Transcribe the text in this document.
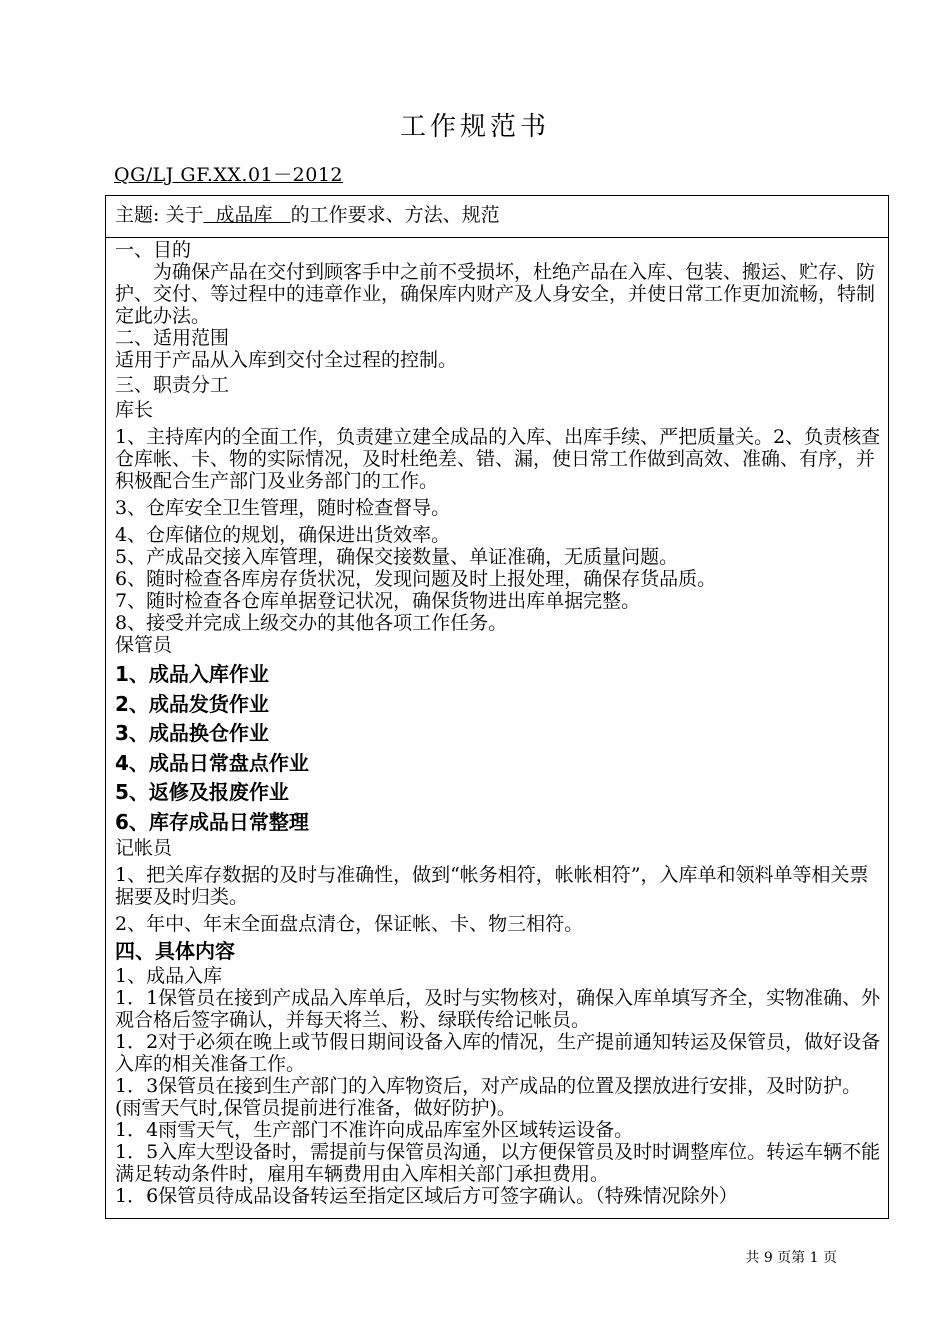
工作规范书
QG/LJ GF.XX.01－2012
主题: 关于  成品库   的工作要求、方法、规范

一、目的

为确保产品在交付到顾客手中之前不受损坏，杜绝产品在入库、包装、搬运、贮存、防护、交付、等过程中的违章作业，确保库内财产及人身安全，并使日常工作更加流畅，特制定此办法。

二、适用范围

适用于产品从入库到交付全过程的控制。

三、职责分工

库长

1、主持库内的全面工作，负责建立建全成品的入库、出库手续、严把质量关。2、负责核查仓库帐、卡、物的实际情况，及时杜绝差、错、漏，使日常工作做到高效、准确、有序，并积极配合生产部门及业务部门的工作。

3、仓库安全卫生管理，随时检查督导。

4、仓库储位的规划，确保进出货效率。

5、产成品交接入库管理，确保交接数量、单证准确，无质量问题。

6、随时检查各库房存货状况，发现问题及时上报处理，确保存货品质。

7、随时检查各仓库单据登记状况，确保货物进出库单据完整。

8、接受并完成上级交办的其他各项工作任务。

保管员

1、成品入库作业

2、成品发货作业

3、成品换仓作业

4、成品日常盘点作业

5、返修及报废作业

6、库存成品日常整理

记帐员

1、把关库存数据的及时与准确性，做到“帐务相符，帐帐相符”，入库单和领料单等相关票据要及时归类。

2、年中、年末全面盘点清仓，保证帐、卡、物三相符。

四、具体内容

1、成品入库

1．1保管员在接到产成品入库单后，及时与实物核对，确保入库单填写齐全，实物准确、外观合格后签字确认，并每天将兰、粉、绿联传给记帐员。

1．2对于必须在晚上或节假日期间设备入库的情况，生产提前通知转运及保管员，做好设备入库的相关准备工作。

1．3保管员在接到生产部门的入库物资后，对产成品的位置及摆放进行安排，及时防护。(雨雪天气时,保管员提前进行准备，做好防护)。

1．4雨雪天气，生产部门不准许向成品库室外区域转运设备。

1．5入库大型设备时，需提前与保管员沟通，以方便保管员及时时调整库位。转运车辆不能满足转动条件时，雇用车辆费用由入库相关部门承担费用。

1．6保管员待成品设备转运至指定区域后方可签字确认。（特殊情况除外）

共 9 页第 1 页
